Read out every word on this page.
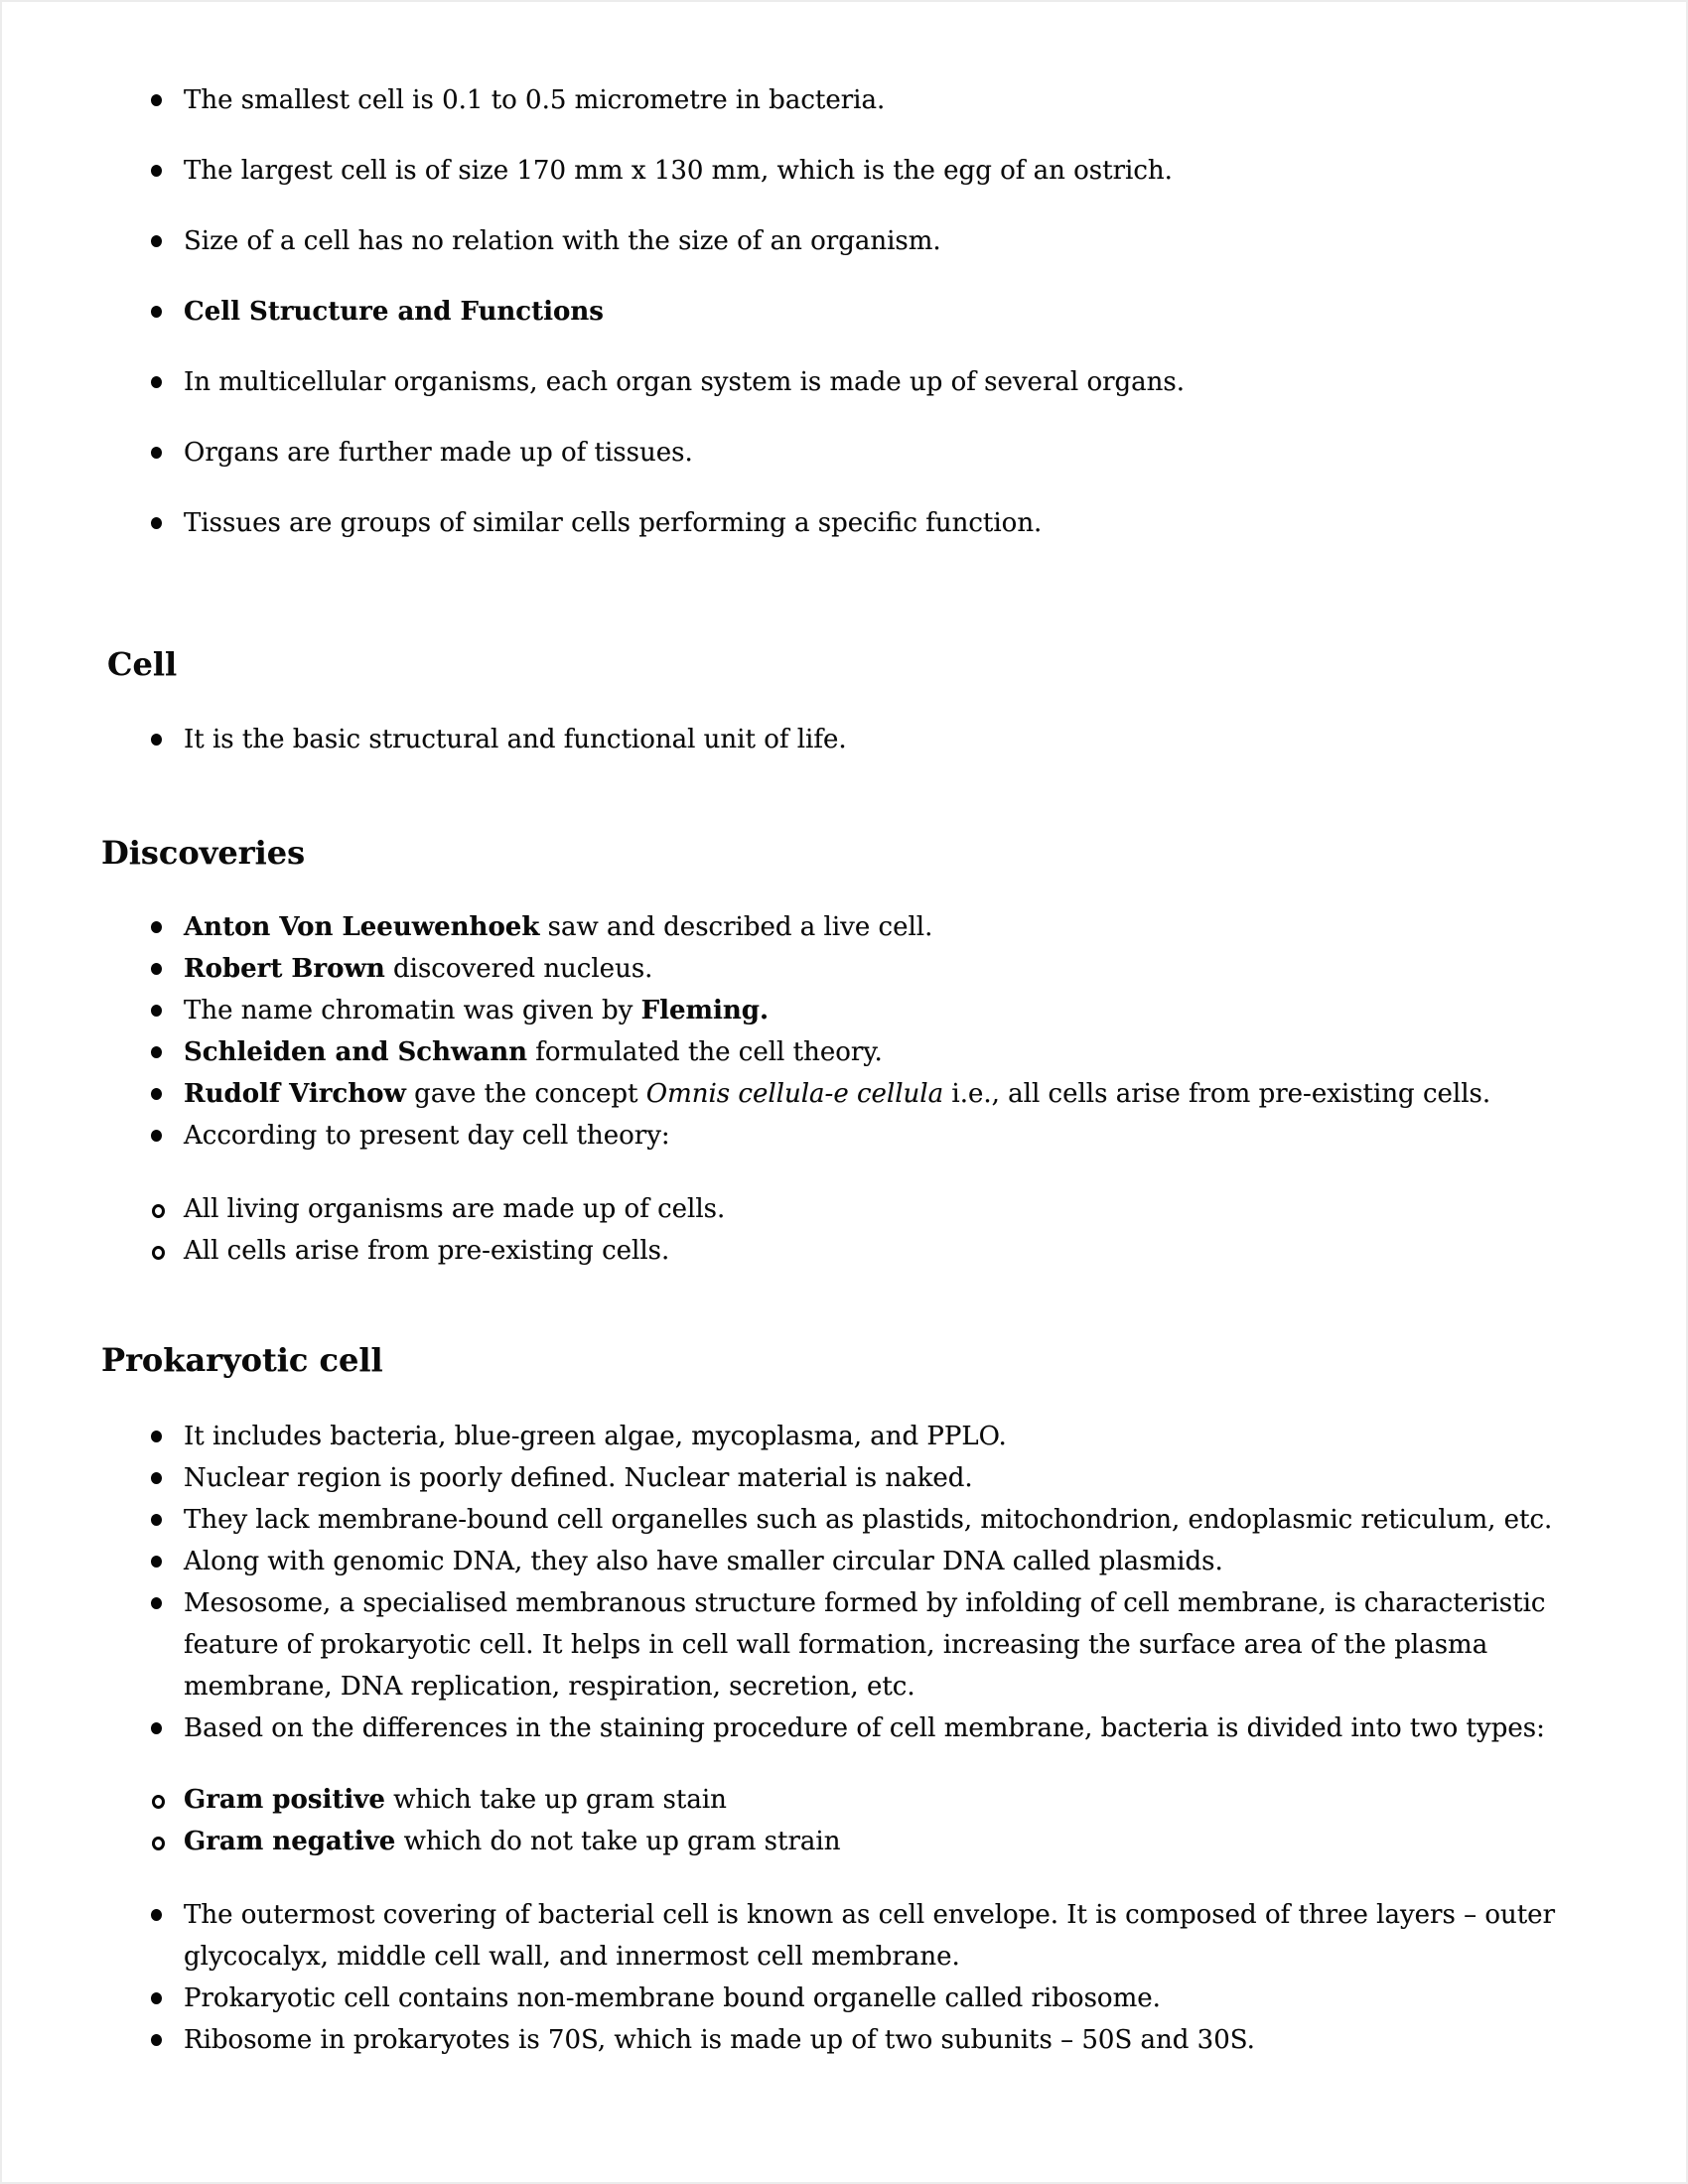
The smallest cell is 0.1 to 0.5 micrometre in bacteria.
The largest cell is of size 170 mm x 130 mm, which is the egg of an ostrich.
Size of a cell has no relation with the size of an organism.
Cell Structure and Functions
In multicellular organisms, each organ system is made up of several organs.
Organs are further made up of tissues.
Tissues are groups of similar cells performing a specific function.
Cell
It is the basic structural and functional unit of life.
Discoveries
Anton Von Leeuwenhoek saw and described a live cell.
Robert Brown discovered nucleus.
The name chromatin was given by Fleming.
Schleiden and Schwann formulated the cell theory.
Rudolf Virchow gave the concept Omnis cellula-e cellula i.e., all cells arise from pre-existing cells.
According to present day cell theory:
All living organisms are made up of cells.
All cells arise from pre-existing cells.
Prokaryotic cell
It includes bacteria, blue-green algae, mycoplasma, and PPLO.
Nuclear region is poorly defined. Nuclear material is naked.
They lack membrane-bound cell organelles such as plastids, mitochondrion, endoplasmic reticulum, etc.
Along with genomic DNA, they also have smaller circular DNA called plasmids.
Mesosome, a specialised membranous structure formed by infolding of cell membrane, is characteristic feature of prokaryotic cell. It helps in cell wall formation, increasing the surface area of the plasma membrane, DNA replication, respiration, secretion, etc.
Based on the differences in the staining procedure of cell membrane, bacteria is divided into two types:
Gram positive which take up gram stain
Gram negative which do not take up gram strain
The outermost covering of bacterial cell is known as cell envelope. It is composed of three layers – outer glycocalyx, middle cell wall, and innermost cell membrane.
Prokaryotic cell contains non-membrane bound organelle called ribosome.
Ribosome in prokaryotes is 70S, which is made up of two subunits – 50S and 30S.
